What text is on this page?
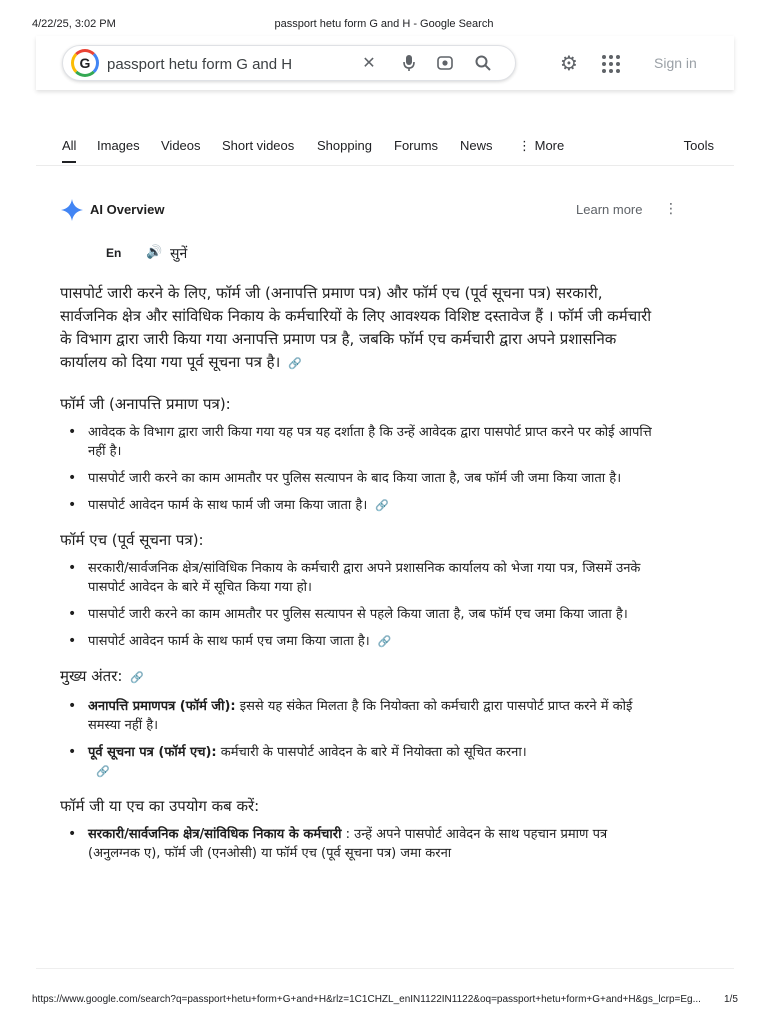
4/22/25, 3:02 PM	passport hetu form G and H - Google Search
G
passport hetu form G and H	✕	⚙	Sign in
All Images Videos Short videos Shopping Forums News ⋮ More	Tools
AI Overview	Learn more ⋮
En 🔊 सुनें

पासपोर्ट जारी करने के लिए, फॉर्म जी (अनापत्ति प्रमाण पत्र) और फॉर्म एच (पूर्व सूचना पत्र) सरकारी, सार्वजनिक क्षेत्र और सांविधिक निकाय के कर्मचारियों के लिए आवश्यक विशिष्ट दस्तावेज हैं । फॉर्म जी कर्मचारी के विभाग द्वारा जारी किया गया अनापत्ति प्रमाण पत्र है, जबकि फॉर्म एच कर्मचारी द्वारा अपने प्रशासनिक कार्यालय को दिया गया पूर्व सूचना पत्र है। 🔗

फॉर्म जी (अनापत्ति प्रमाण पत्र):
• आवेदक के विभाग द्वारा जारी किया गया यह पत्र यह दर्शाता है कि उन्हें आवेदक द्वारा पासपोर्ट प्राप्त करने पर कोई आपत्ति नहीं है।
• पासपोर्ट जारी करने का काम आमतौर पर पुलिस सत्यापन के बाद किया जाता है, जब फॉर्म जी जमा किया जाता है।
• पासपोर्ट आवेदन फार्म के साथ फार्म जी जमा किया जाता है। 🔗
फॉर्म एच (पूर्व सूचना पत्र):
• सरकारी/सार्वजनिक क्षेत्र/सांविधिक निकाय के कर्मचारी द्वारा अपने प्रशासनिक कार्यालय को भेजा गया पत्र, जिसमें उनके पासपोर्ट आवेदन के बारे में सूचित किया गया हो।
• पासपोर्ट जारी करने का काम आमतौर पर पुलिस सत्यापन से पहले किया जाता है, जब फॉर्म एच जमा किया जाता है।
• पासपोर्ट आवेदन फार्म के साथ फार्म एच जमा किया जाता है। 🔗
मुख्य अंतर: 🔗
• अनापत्ति प्रमाणपत्र (फॉर्म जी): इससे यह संकेत मिलता है कि नियोक्ता को कर्मचारी द्वारा पासपोर्ट प्राप्त करने में कोई समस्या नहीं है।
• पूर्व सूचना पत्र (फॉर्म एच): कर्मचारी के पासपोर्ट आवेदन के बारे में नियोक्ता को सूचित करना।
🔗
फॉर्म जी या एच का उपयोग कब करें:
• सरकारी/सार्वजनिक क्षेत्र/सांविधिक निकाय के कर्मचारी : उन्हें अपने पासपोर्ट आवेदन के साथ पहचान प्रमाण पत्र (अनुलग्नक ए), फॉर्म जी (एनओसी) या फॉर्म एच (पूर्व सूचना पत्र) जमा करना
https://www.google.com/search?q=passport+hetu+form+G+and+H&rlz=1C1CHZL_enIN1122IN1122&oq=passport+hetu+form+G+and+H&gs_lcrp=Eg...	1/5
